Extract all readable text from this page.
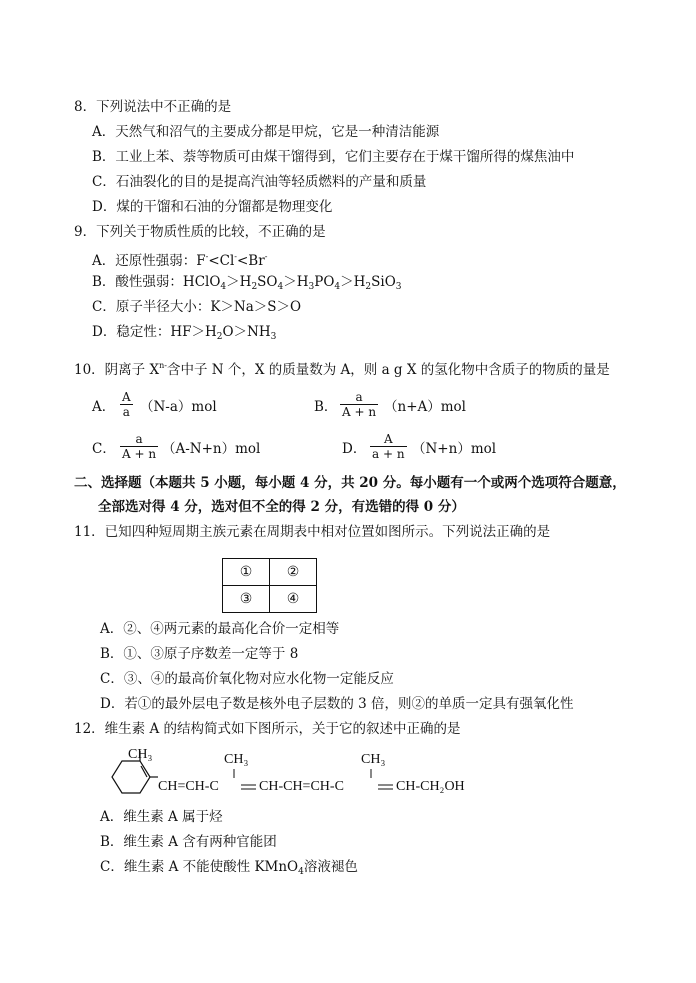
8．下列说法中不正确的是
A．天然气和沼气的主要成分都是甲烷，它是一种清洁能源
B．工业上苯、萘等物质可由煤干馏得到，它们主要存在于煤干馏所得的煤焦油中
C．石油裂化的目的是提高汽油等轻质燃料的产量和质量
D．煤的干馏和石油的分馏都是物理变化
9．下列关于物质性质的比较，不正确的是
A．还原性强弱：F-<Cl-<Br-
B．酸性强弱：$HClO_4>H_2SO_4>H_3PO_4>H_2SiO_3$
C．原子半径大小：K＞Na＞S＞O
D．稳定性：$HF>H_2O>NH_3$
10．阴离子 $X^{n-}$含中子 N 个，X 的质量数为 A，则 a g X 的氢化物中含质子的物质的量是
A． $\frac{A}{a} (N-a)mol$	B． $\frac{a}{A + n} (n+A)mol$
C． $\frac{a}{A + n} (A-N+n)mol$	D． $\frac{A}{a + n} (N+n)mol$
二、选择题（本题共 5 小题，每小题 4 分，共 20 分。每小题有一个或两个选项符合题意，
全部选对得 4 分，选对但不全的得 2 分，有选错的得 0 分）
11．已知四种短周期主族元素在周期表中相对位置如图所示。下列说法正确的是
①	②
③	④
A．②、④两元素的最高化合价一定相等
B．①、③原子序数差一定等于 8
C．③、④的最高价氧化物对应水化物一定能反应
D．若①的最外层电子数是核外电子层数的 3 倍，则②的单质一定具有强氧化性
12．维生素 A 的结构简式如下图所示，关于它的叙述中正确的是
CH₃	CH₃	CH₃
CH=CH-C	CH-CH=CH-C	CH-CH₂OH
A．维生素 A 属于烃
B．维生素 A 含有两种官能团
C．维生素 A 不能使酸性 KMnO$_4$溶液褪色
